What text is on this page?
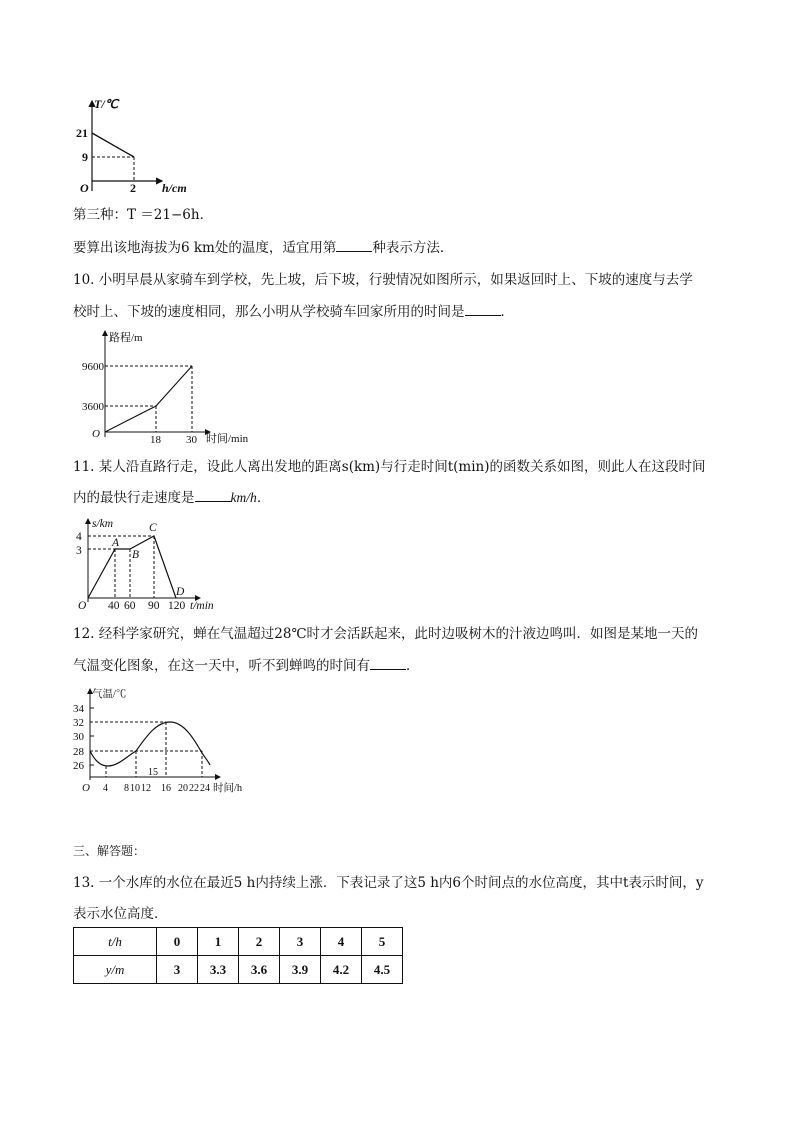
T/℃
21
9
O	2 h/cm
第三种：T ＝21−6h．
要算出该地海拔为6 km处的温度，适宜用第	种表示方法．
10. 小明早晨从家骑车到学校，先上坡，后下坡，行驶情况如图所示，如果返回时上、下坡的速度与去学
校时上、下坡的速度相同，那么小明从学校骑车回家所用的时间是	．
路程/m
9600
3600
O	18 30 时间/min
11. 某人沿直路行走，设此人离出发地的距离s(km)与行走时间t(min)的函数关系如图，则此人在这段时间
内的最快行走速度是	km/h．
s/km
4
3
A
B
C
D
O 40 60 90 120 t/min
12. 经科学家研究，蝉在气温超过28℃时才会活跃起来，此时边吸树木的汁液边鸣叫．如图是某地一天的
气温变化图象，在这一天中，听不到蝉鸣的时间有	．
气温/℃
34
32
30
28
26
15
O 4 8 10 12 16 20 22 24 时间/h
三、解答题：
13. 一个水库的水位在最近5 h内持续上涨．下表记录了这5 h内6个时间点的水位高度，其中t表示时间，y
表示水位高度．
t/h	0	1	2	3	4	5
y/m	3	3.3	3.6	3.9	4.2	4.5
